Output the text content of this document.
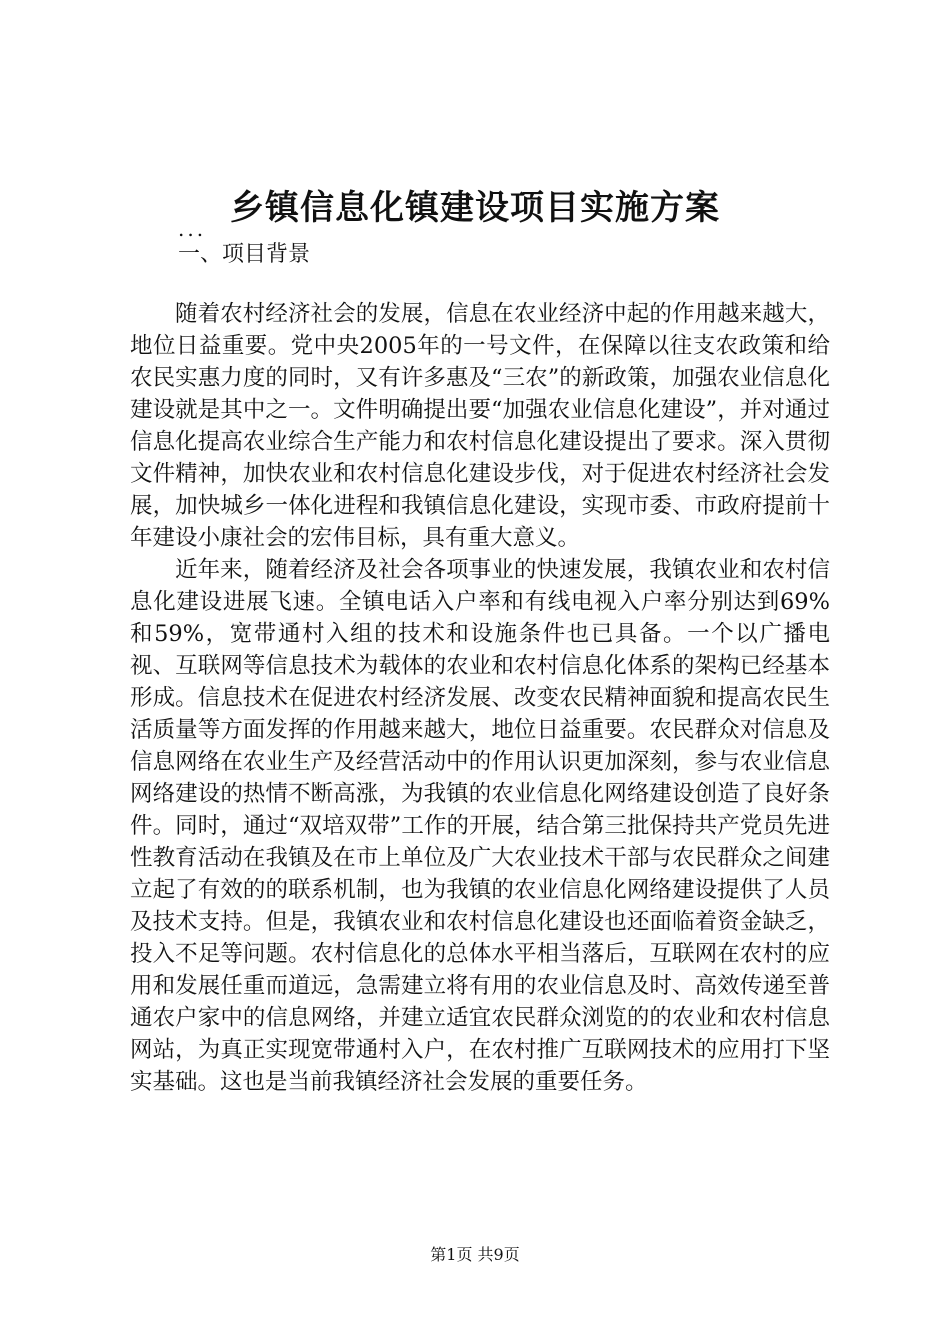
乡镇信息化镇建设项目实施方案
...
一、项目背景

随着农村经济社会的发展，信息在农业经济中起的作用越来越大，地位日益重要。党中央2005年的一号文件，在保障以往支农政策和给农民实惠力度的同时，又有许多惠及“三农”的新政策，加强农业信息化建设就是其中之一。文件明确提出要“加强农业信息化建设”，并对通过信息化提高农业综合生产能力和农村信息化建设提出了要求。深入贯彻文件精神，加快农业和农村信息化建设步伐，对于促进农村经济社会发展，加快城乡一体化进程和我镇信息化建设，实现市委、市政府提前十年建设小康社会的宏伟目标，具有重大意义。

近年来，随着经济及社会各项事业的快速发展，我镇农业和农村信息化建设进展飞速。全镇电话入户率和有线电视入户率分别达到69%和59%，宽带通村入组的技术和设施条件也已具备。一个以广播电视、互联网等信息技术为载体的农业和农村信息化体系的架构已经基本形成。信息技术在促进农村经济发展、改变农民精神面貌和提高农民生活质量等方面发挥的作用越来越大，地位日益重要。农民群众对信息及信息网络在农业生产及经营活动中的作用认识更加深刻，参与农业信息网络建设的热情不断高涨，为我镇的农业信息化网络建设创造了良好条件。同时，通过“双培双带”工作的开展，结合第三批保持共产党员先进性教育活动在我镇及在市上单位及广大农业技术干部与农民群众之间建立起了有效的的联系机制，也为我镇的农业信息化网络建设提供了人员及技术支持。但是，我镇农业和农村信息化建设也还面临着资金缺乏，投入不足等问题。农村信息化的总体水平相当落后，互联网在农村的应用和发展任重而道远，急需建立将有用的农业信息及时、高效传递至普通农户家中的信息网络，并建立适宜农民群众浏览的的农业和农村信息网站，为真正实现宽带通村入户，在农村推广互联网技术的应用打下坚实基础。这也是当前我镇经济社会发展的重要任务。

第1页 共9页
